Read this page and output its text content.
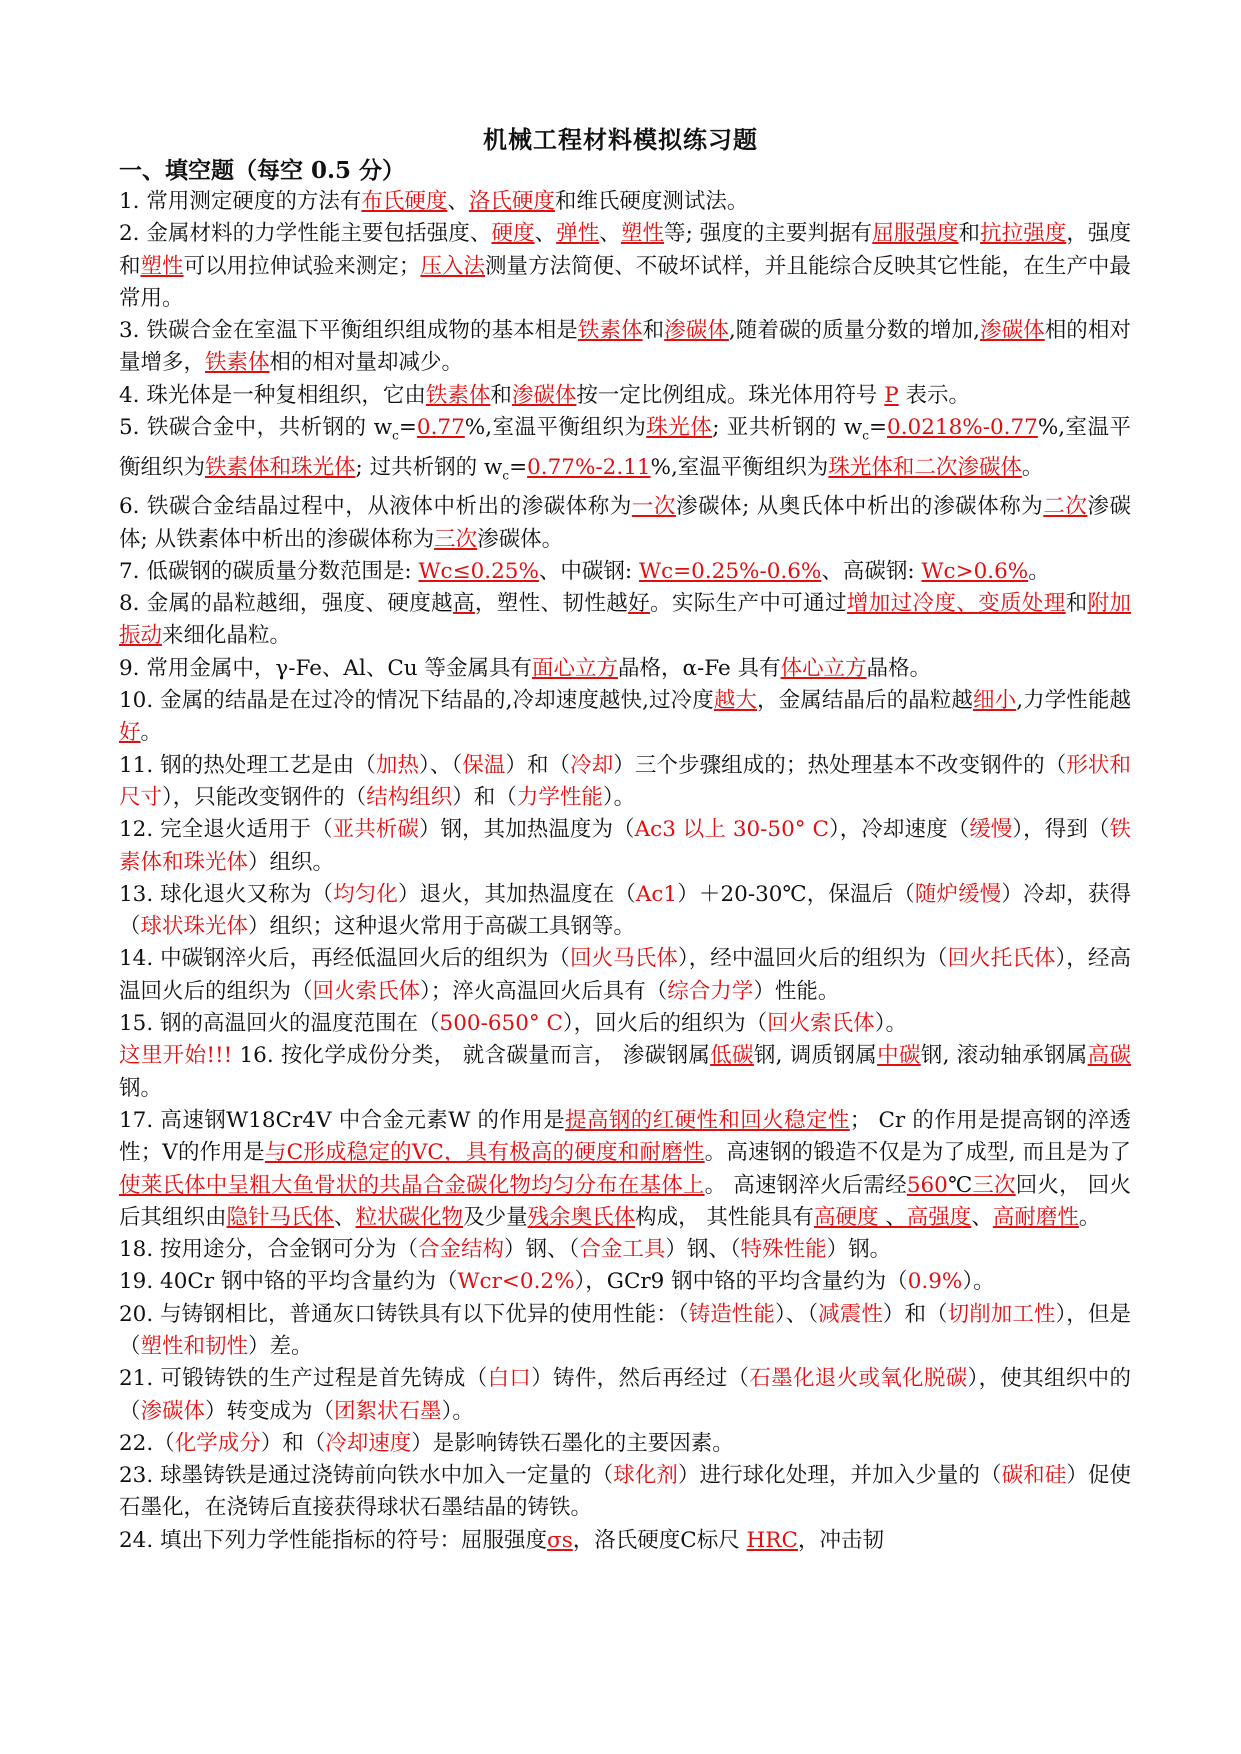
机械工程材料模拟练习题
一、填空题（每空 0.5 分）

1. 常用测定硬度的方法有布氏硬度、洛氏硬度和维氏硬度测试法。

2. 金属材料的力学性能主要包括强度、硬度、弹性、塑性等; 强度的主要判据有屈服强度和抗拉强度，强度和塑性可以用拉伸试验来测定；压入法测量方法简便、不破坏试样，并且能综合反映其它性能，在生产中最常用。

3. 铁碳合金在室温下平衡组织组成物的基本相是铁素体和渗碳体,随着碳的质量分数的增加,渗碳体相的相对量增多，铁素体相的相对量却减少。

4. 珠光体是一种复相组织，它由铁素体和渗碳体按一定比例组成。珠光体用符号 P 表示。

5. 铁碳合金中，共析钢的 $w_c=0.77\%$,室温平衡组织为珠光体; 亚共析钢的 $w_c=0.0218\%-0.77\%$,室温平衡组织为铁素体和珠光体; 过共析钢的 $w_c=0.77\%-2.11\%$,室温平衡组织为珠光体和二次渗碳体。

6. 铁碳合金结晶过程中，从液体中析出的渗碳体称为一次渗碳体; 从奥氏体中析出的渗碳体称为二次渗碳体; 从铁素体中析出的渗碳体称为三次渗碳体。

7. 低碳钢的碳质量分数范围是: Wc≤0.25%、中碳钢: Wc=0.25%-0.6%、高碳钢: Wc>0.6%。

8. 金属的晶粒越细，强度、硬度越高，塑性、韧性越好。实际生产中可通过增加过冷度、变质处理和附加振动来细化晶粒。

9. 常用金属中，γ-Fe、Al、Cu 等金属具有面心立方晶格，α-Fe 具有体心立方晶格。

10. 金属的结晶是在过冷的情况下结晶的,冷却速度越快,过冷度越大，金属结晶后的晶粒越细小,力学性能越好。

11. 钢的热处理工艺是由（加热）、（保温）和（冷却）三个步骤组成的；热处理基本不改变钢件的（形状和尺寸），只能改变钢件的（结构组织）和（力学性能）。

12. 完全退火适用于（亚共析碳）钢，其加热温度为（Ac3 以上 30-50° C），冷却速度（缓慢），得到（铁素体和珠光体）组织。

13. 球化退火又称为（均匀化）退火，其加热温度在（Ac1）＋20-30℃，保温后（随炉缓慢）冷却，获得（球状珠光体）组织；这种退火常用于高碳工具钢等。

14. 中碳钢淬火后，再经低温回火后的组织为（回火马氏体），经中温回火后的组织为（回火托氏体），经高温回火后的组织为（回火索氏体）；淬火高温回火后具有（综合力学）性能。

15. 钢的高温回火的温度范围在（500-650° C），回火后的组织为（回火索氏体）。

这里开始!!! 16. 按化学成份分类， 就含碳量而言， 渗碳钢属低碳钢, 调质钢属中碳钢, 滚动轴承钢属高碳钢。

17. 高速钢W18Cr4V 中合金元素W 的作用是提高钢的红硬性和回火稳定性； Cr 的作用是提高钢的淬透性；V的作用是与C形成稳定的VC，具有极高的硬度和耐磨性。高速钢的锻造不仅是为了成型, 而且是为了使莱氏体中呈粗大鱼骨状的共晶合金碳化物均匀分布在基体上。 高速钢淬火后需经560℃三次回火， 回火后其组织由隐针马氏体、粒状碳化物及少量残余奥氏体构成， 其性能具有高硬度 、高强度、高耐磨性。

18. 按用途分，合金钢可分为（合金结构）钢、（合金工具）钢、（特殊性能）钢。

19. 40Cr 钢中铬的平均含量约为（Wcr<0.2%），GCr9 钢中铬的平均含量约为（0.9%）。

20. 与铸钢相比，普通灰口铸铁具有以下优异的使用性能：（铸造性能）、（减震性）和（切削加工性），但是（塑性和韧性）差。

21. 可锻铸铁的生产过程是首先铸成（白口）铸件，然后再经过（石墨化退火或氧化脱碳），使其组织中的（渗碳体）转变成为（团絮状石墨）。

22.（化学成分）和（冷却速度）是影响铸铁石墨化的主要因素。

23. 球墨铸铁是通过浇铸前向铁水中加入一定量的（球化剂）进行球化处理，并加入少量的（碳和硅）促使石墨化，在浇铸后直接获得球状石墨结晶的铸铁。

24. 填出下列力学性能指标的符号：屈服强度σs，洛氏硬度C标尺 HRC，冲击韧
